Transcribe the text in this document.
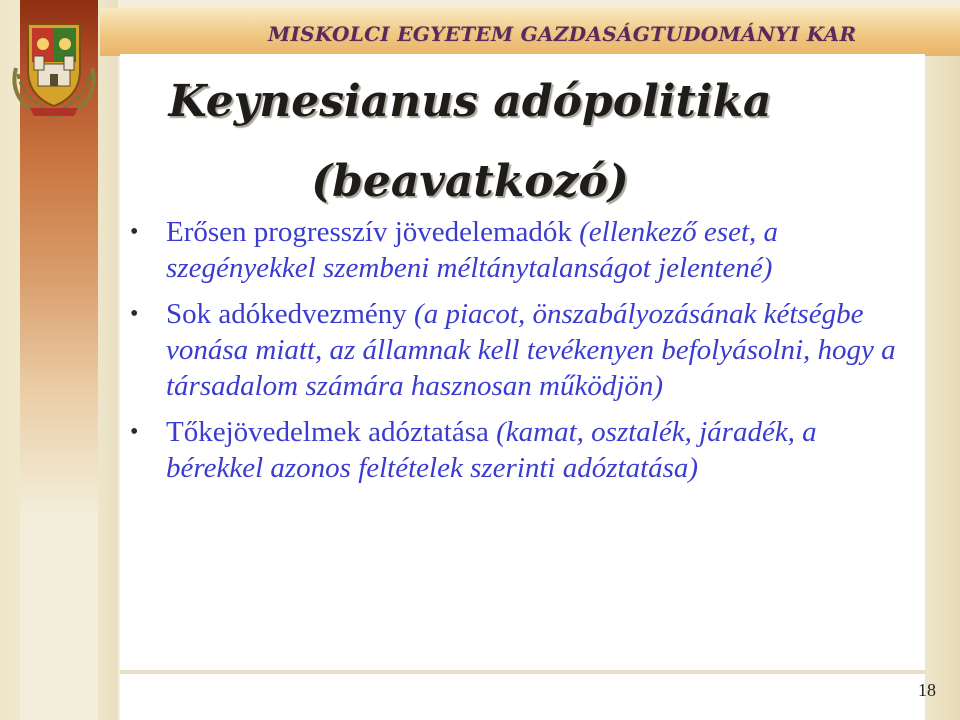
MISKOLCI EGYETEM GAZDASÁGTUDOMÁNYI KAR
Keynesianus adópolitika
(beavatkozó)
• Erősen progresszív jövedelemadók (ellenkező eset, a szegényekkel szembeni méltánytalanságot jelentené)
• Sok adókedvezmény (a piacot, önszabályozásának kétségbe vonása miatt, az államnak kell tevékenyen befolyásolni, hogy a társadalom számára hasznosan működjön)
• Tőkejövedelmek adóztatása (kamat, osztalék, járadék, a bérekkel azonos feltételek szerinti adóztatása)
18
